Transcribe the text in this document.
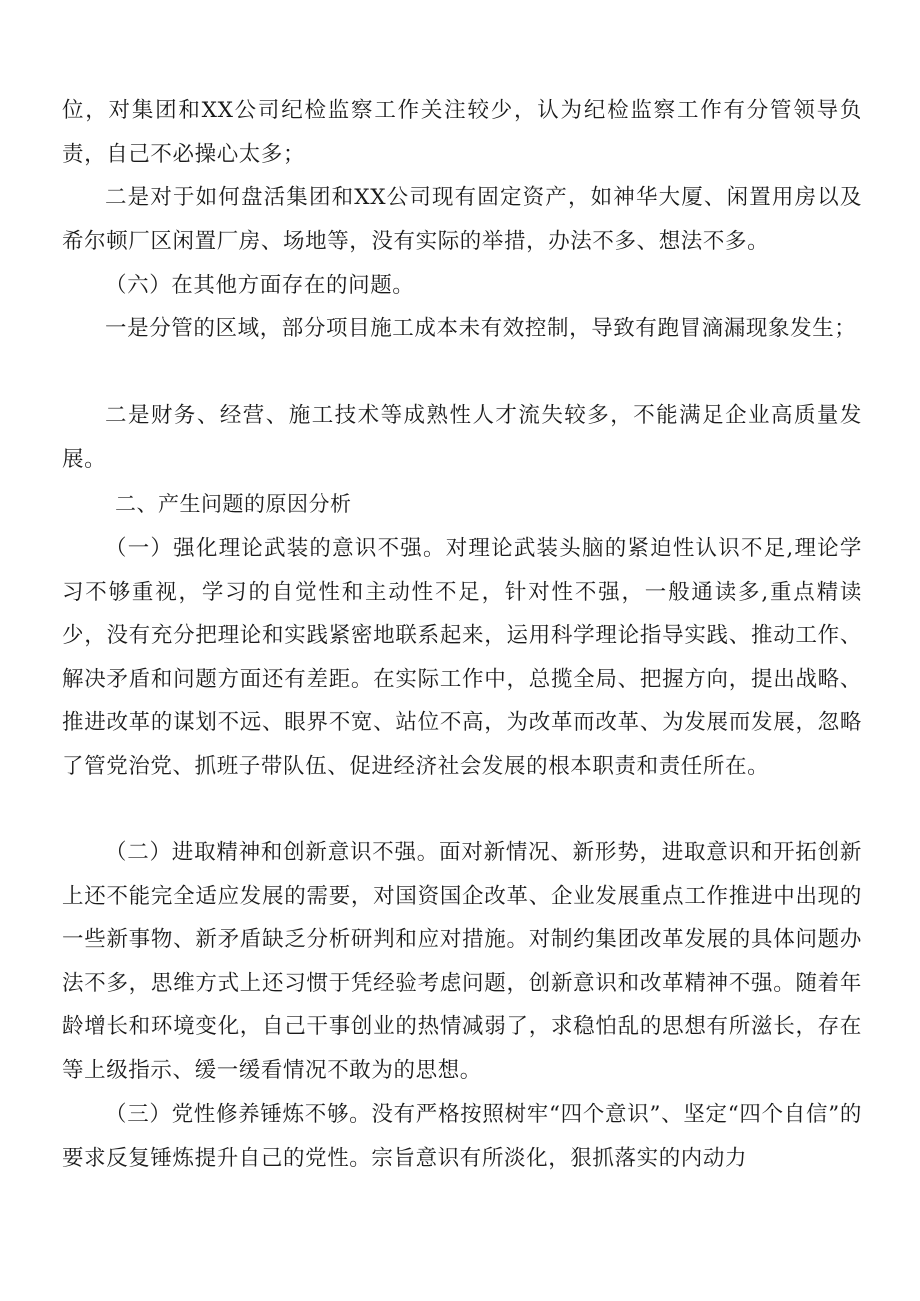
位，对集团和XX公司纪检监察工作关注较少，认为纪检监察工作有分管领导负责，自己不必操心太多；

二是对于如何盘活集团和XX公司现有固定资产，如神华大厦、闲置用房以及希尔顿厂区闲置厂房、场地等，没有实际的举措，办法不多、想法不多。

（六）在其他方面存在的问题。

一是分管的区域，部分项目施工成本未有效控制，导致有跑冒滴漏现象发生；

二是财务、经营、施工技术等成熟性人才流失较多，不能满足企业高质量发展。

二、产生问题的原因分析

（一）强化理论武装的意识不强。对理论武装头脑的紧迫性认识不足,理论学习不够重视，学习的自觉性和主动性不足，针对性不强，一般通读多,重点精读少，没有充分把理论和实践紧密地联系起来，运用科学理论指导实践、推动工作、解决矛盾和问题方面还有差距。在实际工作中，总揽全局、把握方向，提出战略、推进改革的谋划不远、眼界不宽、站位不高，为改革而改革、为发展而发展，忽略了管党治党、抓班子带队伍、促进经济社会发展的根本职责和责任所在。

（二）进取精神和创新意识不强。面对新情况、新形势，进取意识和开拓创新上还不能完全适应发展的需要，对国资国企改革、企业发展重点工作推进中出现的一些新事物、新矛盾缺乏分析研判和应对措施。对制约集团改革发展的具体问题办法不多，思维方式上还习惯于凭经验考虑问题，创新意识和改革精神不强。随着年龄增长和环境变化，自己干事创业的热情减弱了，求稳怕乱的思想有所滋长，存在等上级指示、缓一缓看情况不敢为的思想。

（三）党性修养锤炼不够。没有严格按照树牢“四个意识”、坚定“四个自信”的要求反复锤炼提升自己的党性。宗旨意识有所淡化，狠抓落实的内动力
